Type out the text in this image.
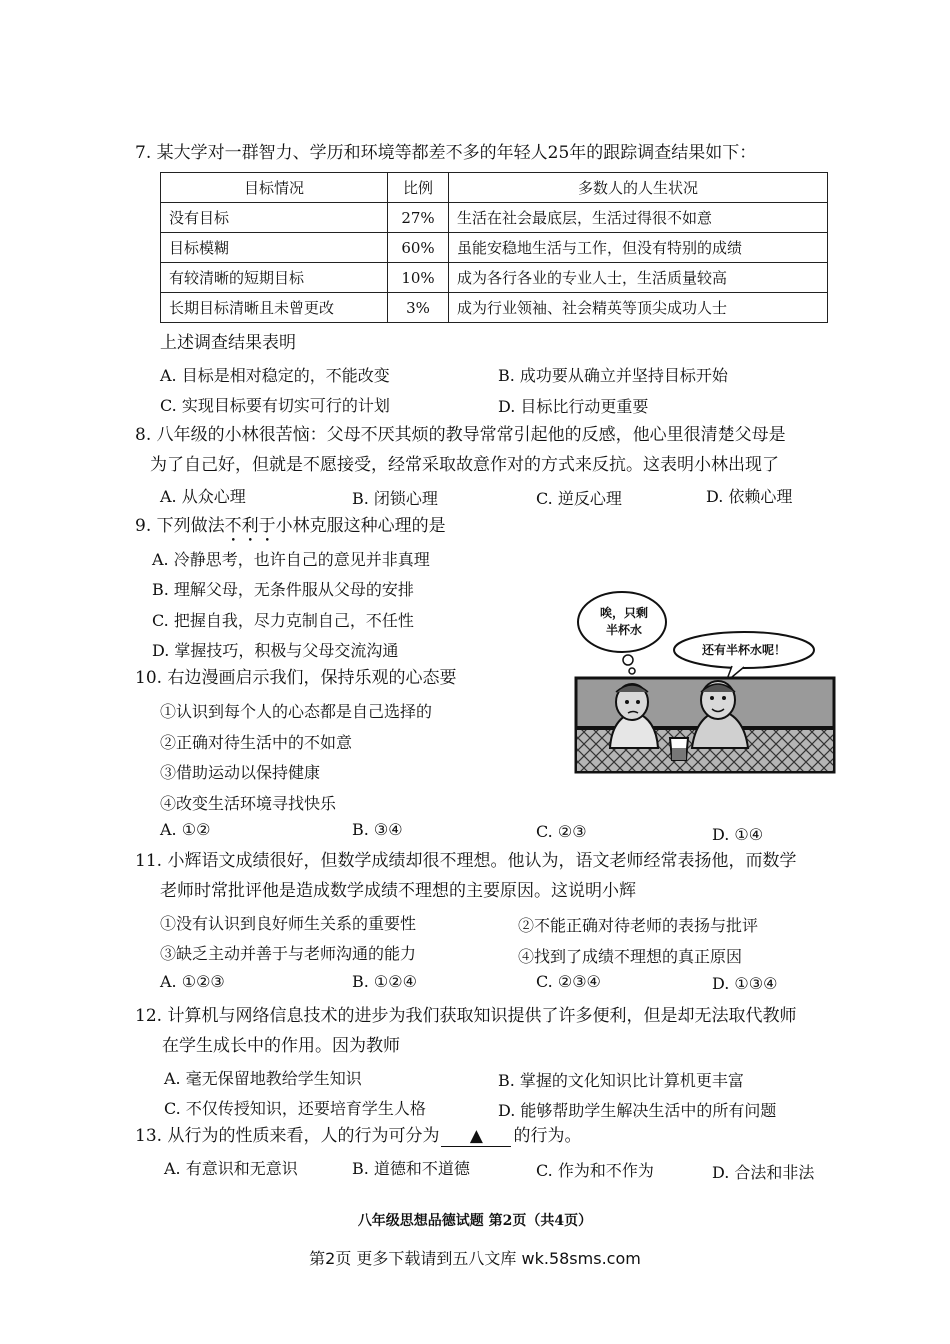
7. 某大学对一群智力、学历和环境等都差不多的年轻人25年的跟踪调查结果如下：
目标情况	比例	多数人的人生状况
没有目标	27%	生活在社会最底层，生活过得很不如意
目标模糊	60%	虽能安稳地生活与工作，但没有特别的成绩
有较清晰的短期目标	10%	成为各行各业的专业人士，生活质量较高
长期目标清晰且未曾更改	3%	成为行业领袖、社会精英等顶尖成功人士
上述调查结果表明
A. 目标是相对稳定的，不能改变	B. 成功要从确立并坚持目标开始
C. 实现目标要有切实可行的计划	D. 目标比行动更重要
8. 八年级的小林很苦恼：父母不厌其烦的教导常常引起他的反感，他心里很清楚父母是
为了自己好，但就是不愿接受，经常采取故意作对的方式来反抗。这表明小林出现了
A. 从众心理	B. 闭锁心理	C. 逆反心理	D. 依赖心理
9. 下列做法不利于小林克服这种心理的是
A. 冷静思考，也许自己的意见并非真理
B. 理解父母，无条件服从父母的安排
C. 把握自我，尽力克制自己，不任性
D. 掌握技巧，积极与父母交流沟通
唉，只剩
半杯水
还有半杯水呢！
10. 右边漫画启示我们，保持乐观的心态要
①认识到每个人的心态都是自己选择的
②正确对待生活中的不如意
③借助运动以保持健康
④改变生活环境寻找快乐
A. ①②	B. ③④	C. ②③	D. ①④
11. 小辉语文成绩很好，但数学成绩却很不理想。他认为，语文老师经常表扬他，而数学
老师时常批评他是造成数学成绩不理想的主要原因。这说明小辉
①没有认识到良好师生关系的重要性	②不能正确对待老师的表扬与批评
③缺乏主动并善于与老师沟通的能力	④找到了成绩不理想的真正原因
A. ①②③	B. ①②④	C. ②③④	D. ①③④
12. 计算机与网络信息技术的进步为我们获取知识提供了许多便利，但是却无法取代教师
在学生成长中的作用。因为教师
A. 毫无保留地教给学生知识	B. 掌握的文化知识比计算机更丰富
C. 不仅传授知识，还要培育学生人格	D. 能够帮助学生解决生活中的所有问题
13. 从行为的性质来看，人的行为可分为 ▲ 的行为。
A. 有意识和无意识	B. 道德和不道德	C. 作为和不作为	D. 合法和非法
八年级思想品德试题 第2页（共4页）
第2页 更多下载请到五八文库 wk.58sms.com
